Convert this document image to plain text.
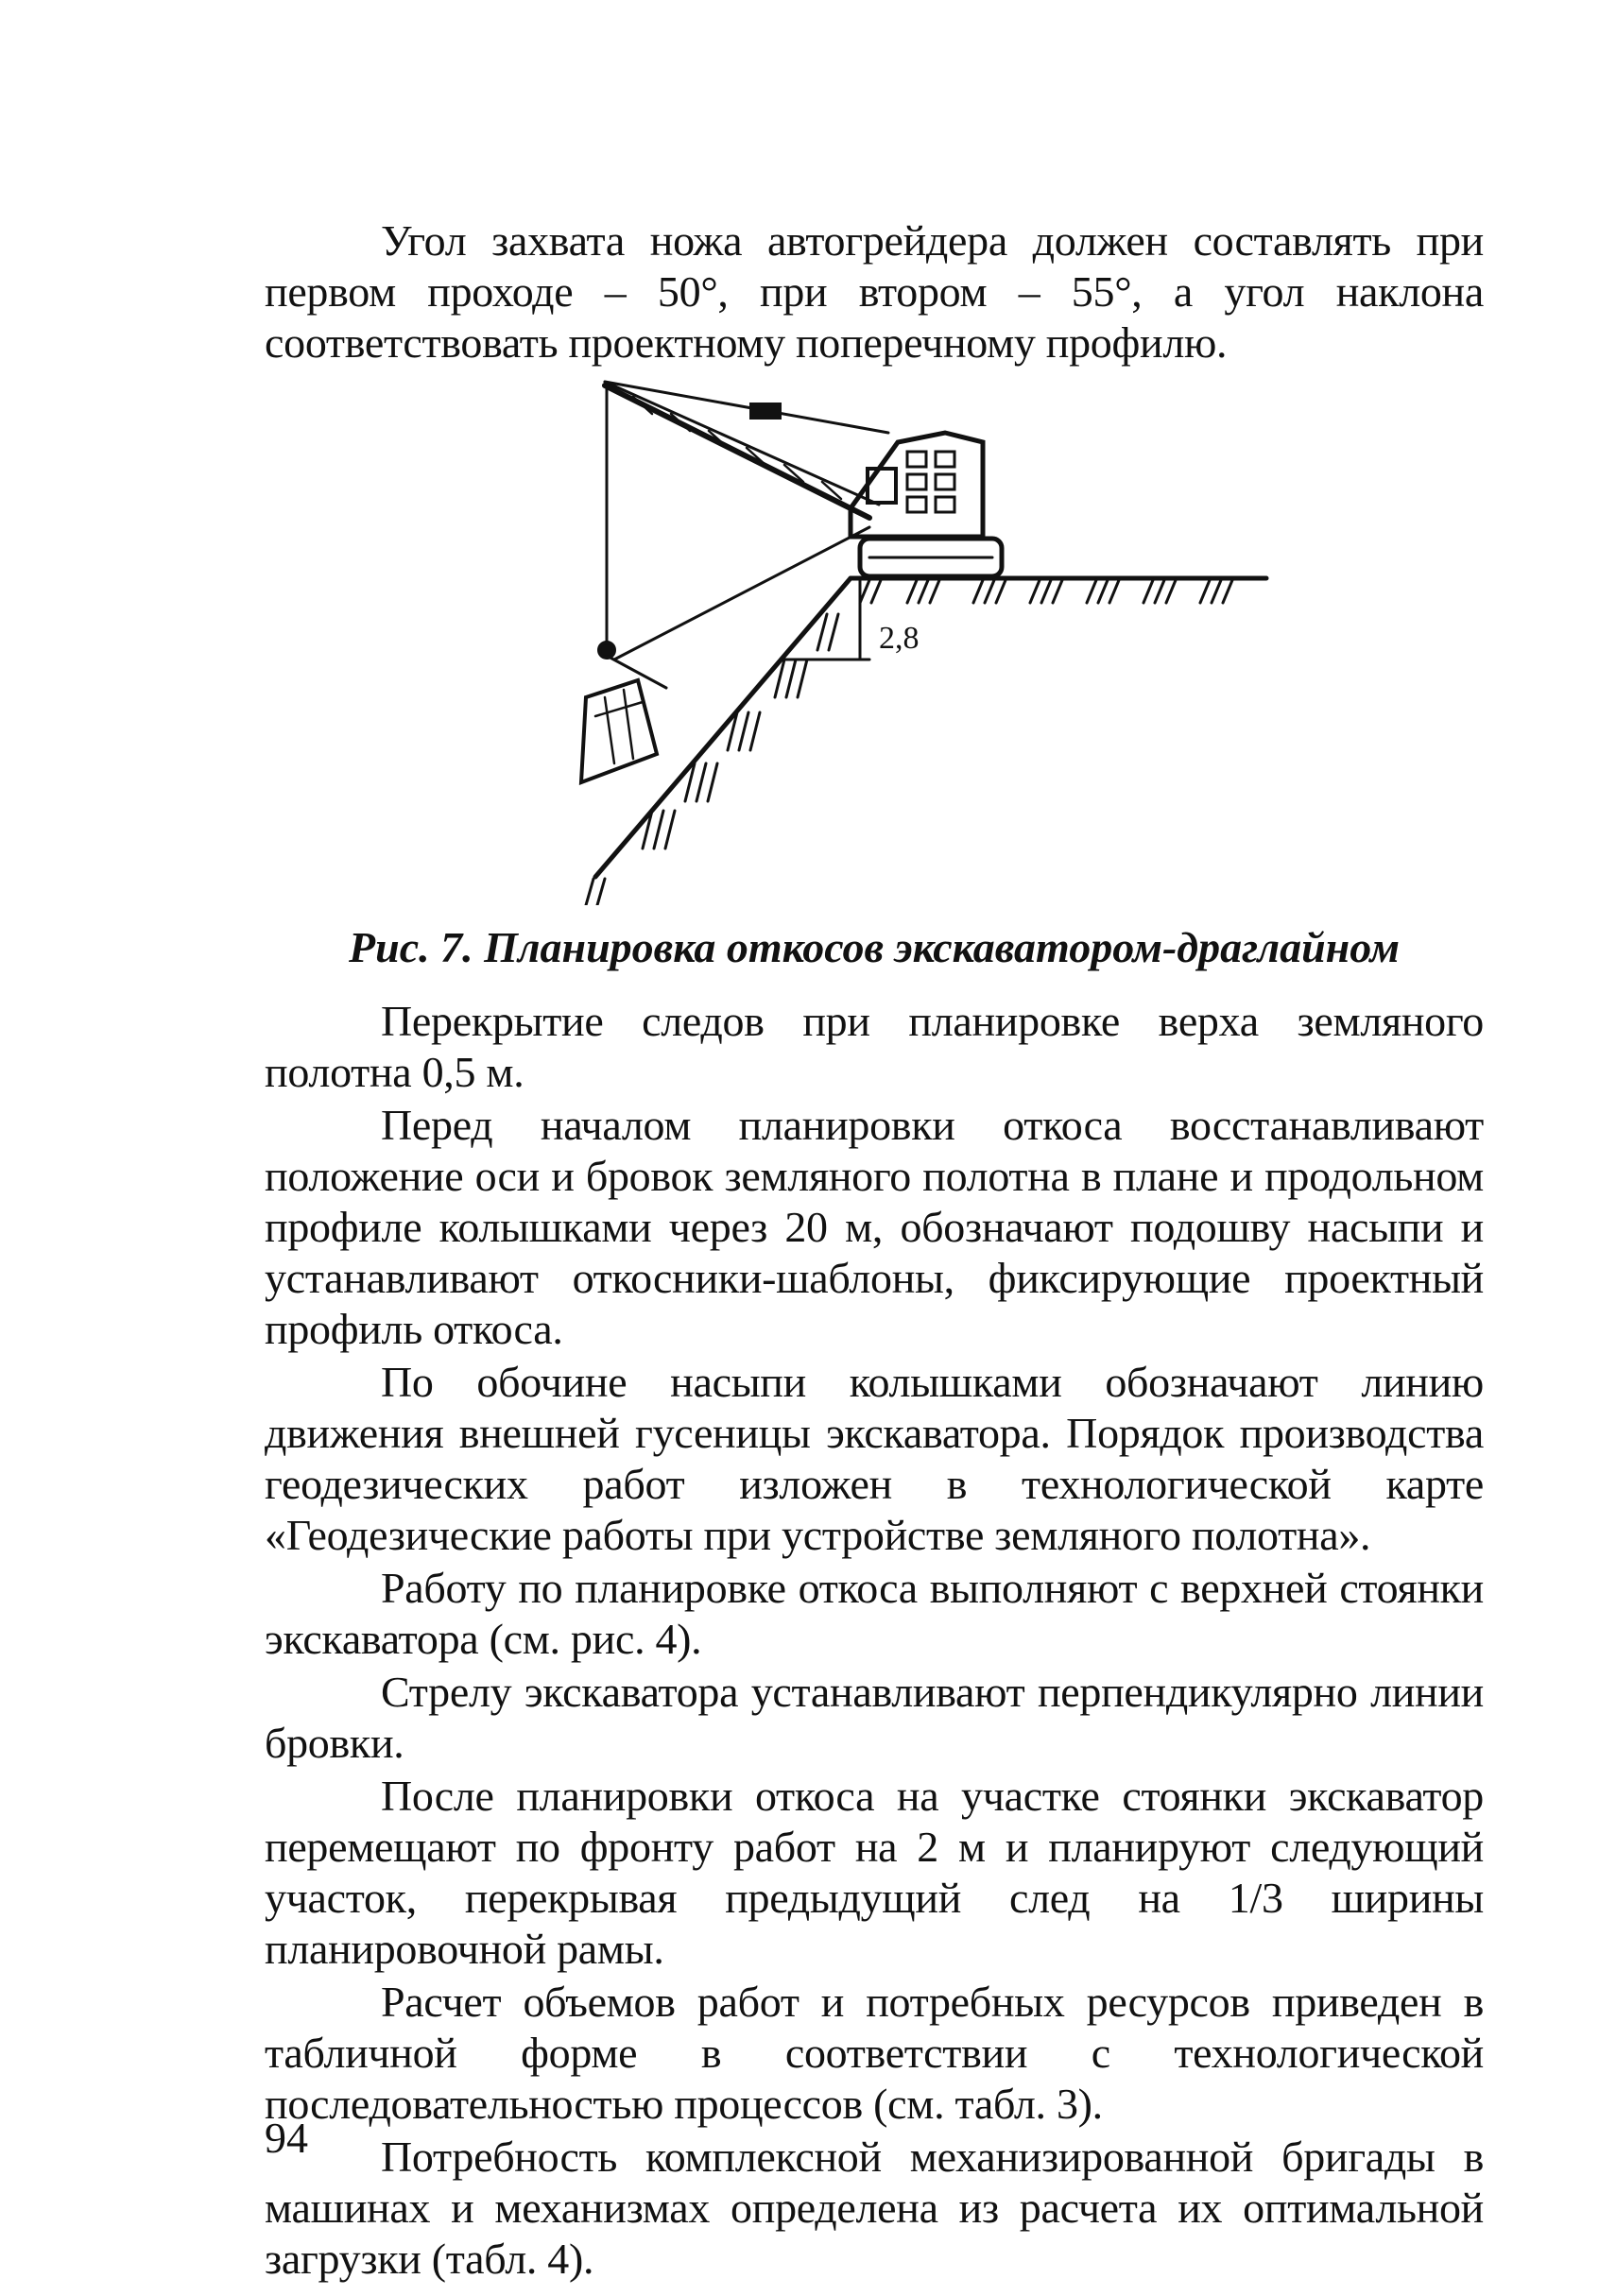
Угол захвата ножа автогрейдера должен составлять при первом проходе – 50°, при втором – 55°, а угол наклона соответствовать проектному поперечному профилю.

2,8
Рис. 7. Планировка откосов экскаватором-драглайном

Перекрытие следов при планировке верха земляного полотна 0,5 м.

Перед началом планировки откоса восстанавливают положение оси и бровок земляного полотна в плане и продольном профиле колышками через 20 м, обозначают подошву насыпи и устанавливают откосники-шаблоны, фиксирующие проектный профиль откоса.

По обочине насыпи колышками обозначают линию движения внешней гусеницы экскаватора. Порядок производства геодезических работ изложен в технологической карте «Геодезические работы при устройстве земляного полотна».

Работу по планировке откоса выполняют с верхней стоянки экскаватора (см. рис. 4).

Стрелу экскаватора устанавливают перпендикулярно линии бровки.

После планировки откоса на участке стоянки экскаватор перемещают по фронту работ на 2 м и планируют следующий участок, перекрывая предыдущий след на 1/3 ширины планировочной рамы.

Расчет объемов работ и потребных ресурсов приведен в табличной форме в соответствии с технологической последовательностью процессов (см. табл. 3).

Потребность комплексной механизированной бригады в машинах и механизмах определена из расчета их оптимальной загрузки (табл. 4).

94
